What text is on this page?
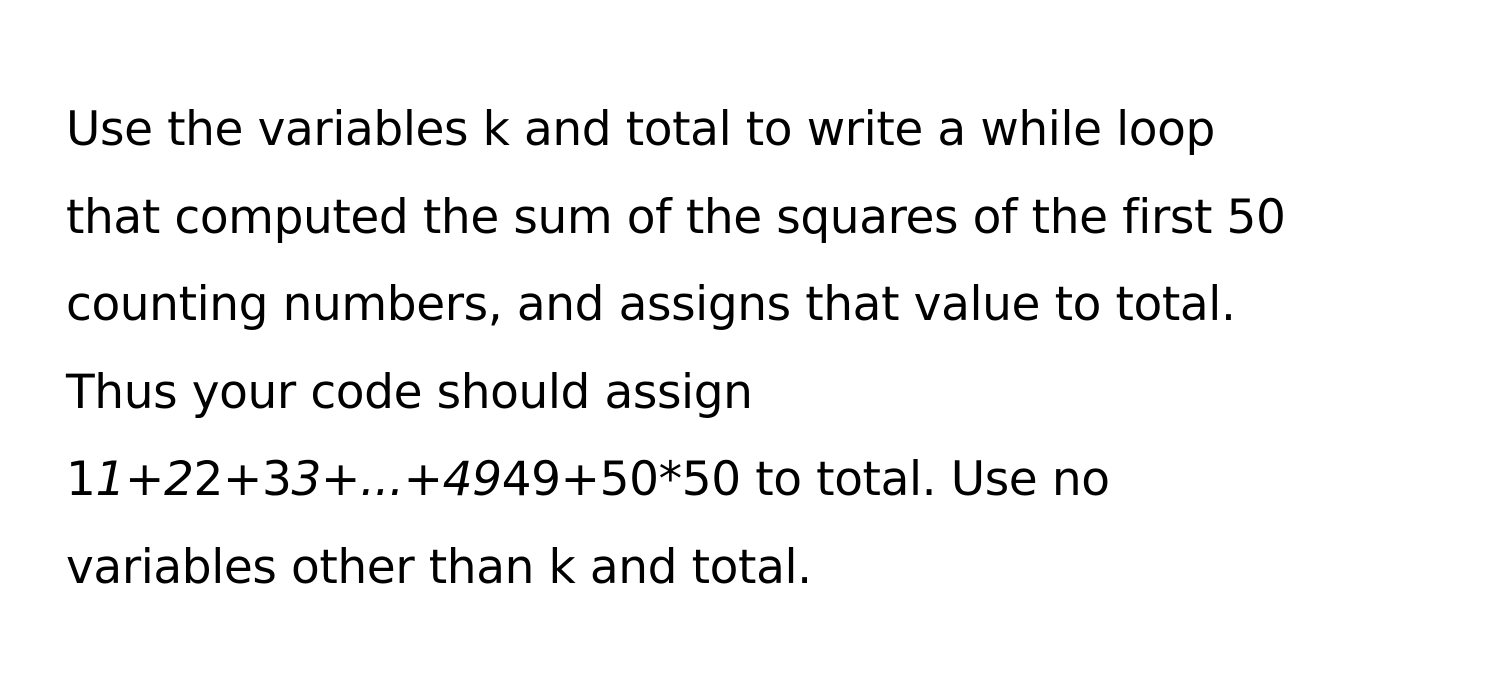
Use the variables k and total to write a while loop
that computed the sum of the squares of the first 50
counting numbers, and assigns that value to total.
Thus your code should assign
11+22+33+...+4949+50*50 to total. Use no
variables other than k and total.
